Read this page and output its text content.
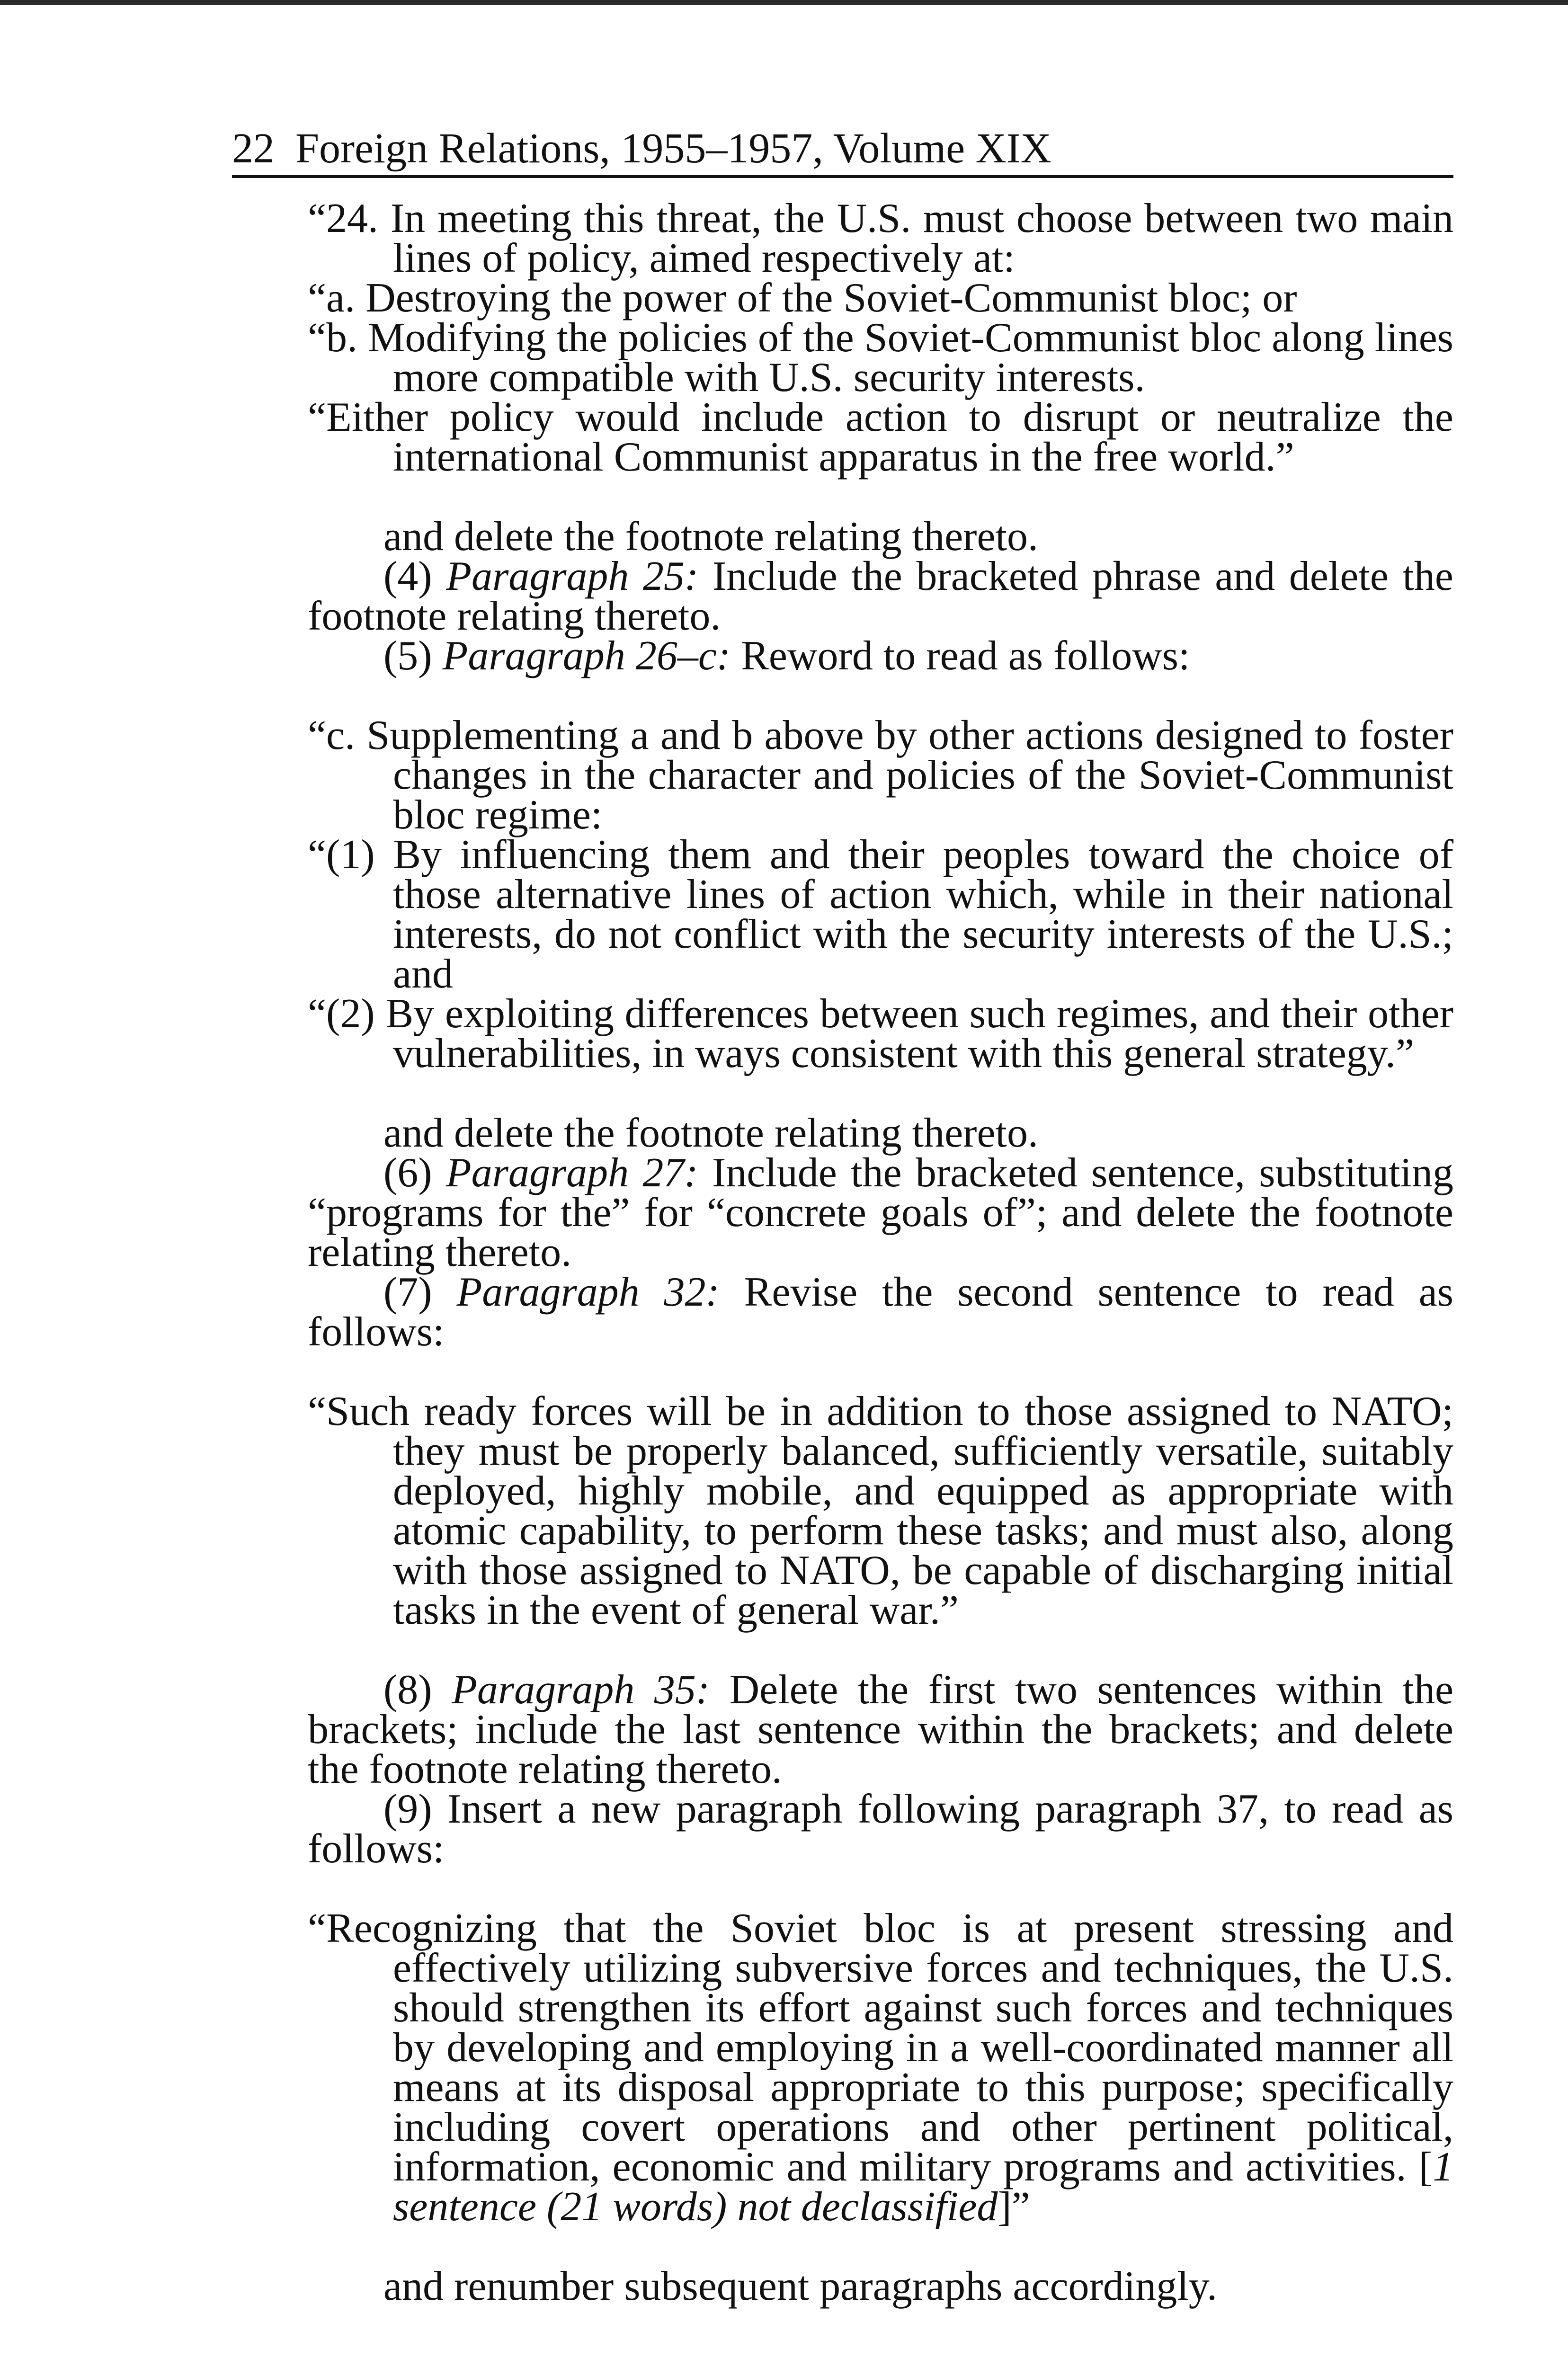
22 Foreign Relations, 1955–1957, Volume XIX

“24. In meeting this threat, the U.S. must choose between two main lines of policy, aimed respectively at:

“a. Destroying the power of the Soviet-Communist bloc; or

“b. Modifying the policies of the Soviet-Communist bloc along lines more compatible with U.S. security interests.

“Either policy would include action to disrupt or neutralize the international Communist apparatus in the free world.”

and delete the footnote relating thereto.

(4) Paragraph 25: Include the bracketed phrase and delete the footnote relating thereto.

(5) Paragraph 26–c: Reword to read as follows:

“c. Supplementing a and b above by other actions designed to foster changes in the character and policies of the Soviet-Communist bloc regime:

“(1) By influencing them and their peoples toward the choice of those alternative lines of action which, while in their national interests, do not conflict with the security interests of the U.S.; and

“(2) By exploiting differences between such regimes, and their other vulnerabilities, in ways consistent with this general strategy.”

and delete the footnote relating thereto.

(6) Paragraph 27: Include the bracketed sentence, substituting “programs for the” for “concrete goals of”; and delete the footnote relating thereto.

(7) Paragraph 32: Revise the second sentence to read as follows:

“Such ready forces will be in addition to those assigned to NATO; they must be properly balanced, sufficiently versatile, suitably deployed, highly mobile, and equipped as appropriate with atomic capability, to perform these tasks; and must also, along with those assigned to NATO, be capable of discharging initial tasks in the event of general war.”

(8) Paragraph 35: Delete the first two sentences within the brackets; include the last sentence within the brackets; and delete the footnote relating thereto.

(9) Insert a new paragraph following paragraph 37, to read as follows:

“Recognizing that the Soviet bloc is at present stressing and effectively utilizing subversive forces and techniques, the U.S. should strengthen its effort against such forces and techniques by developing and employing in a well-coordinated manner all means at its disposal appropriate to this purpose; specifically including covert operations and other pertinent political, information, economic and military programs and activities. [1 sentence (21 words) not declassified]”

and renumber subsequent paragraphs accordingly.
